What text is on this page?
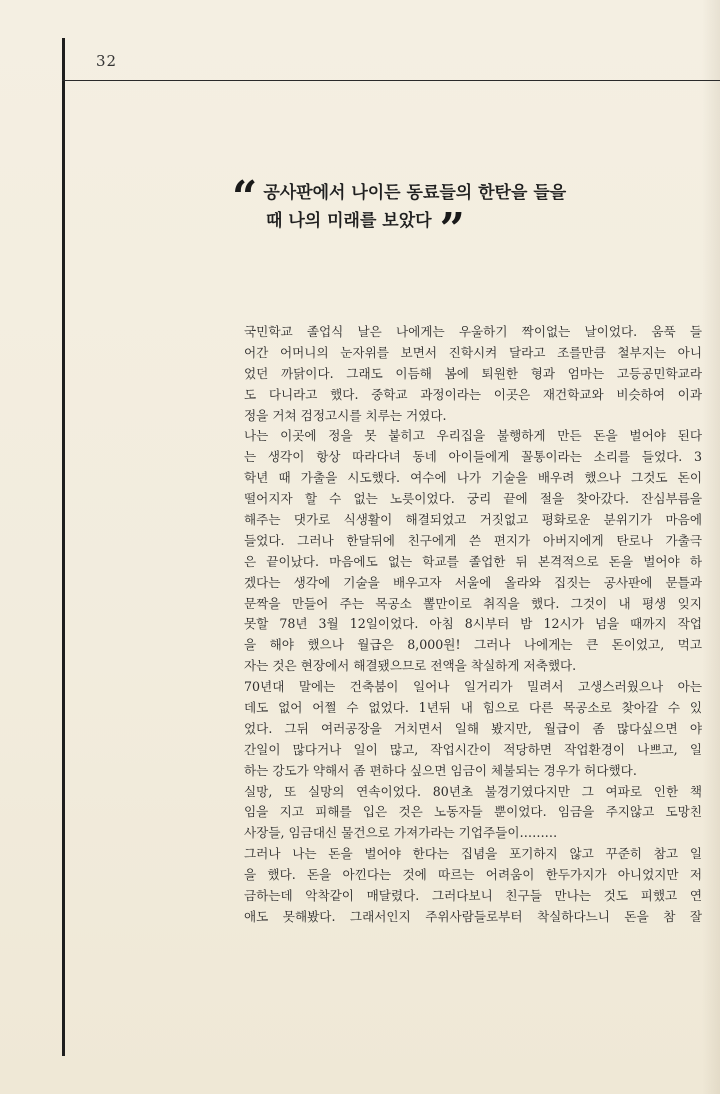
32
“ 공사판에서 나이든 동료들의 한탄을 들을
때 나의 미래를 보았다 ”
국민학교 졸업식 날은 나에게는 우울하기 짝이없는 날이었다. 움푹 들
어간 어머니의 눈자위를 보면서 진학시켜 달라고 조를만큼 철부지는 아니
었던 까닭이다. 그래도 이듬해 봄에 퇴원한 형과 엄마는 고등공민학교라
도 다니라고 했다. 중학교 과정이라는 이곳은 재건학교와 비슷하여 이과
정을 거쳐 검정고시를 치루는 거였다.
나는 이곳에 정을 못 붙히고 우리집을 불행하게 만든 돈을 벌어야 된다
는 생각이 항상 따라다녀 동네 아이들에게 꼴통이라는 소리를 들었다. 3
학년 때 가출을 시도했다. 여수에 나가 기술을 배우려 했으나 그것도 돈이
떨어지자 할 수 없는 노릇이었다. 궁리 끝에 절을 찾아갔다. 잔심부름을
해주는 댓가로 식생활이 해결되었고 거짓없고 평화로운 분위기가 마음에
들었다. 그러나 한달뒤에 친구에게 쓴 편지가 아버지에게 탄로나 가출극
은 끝이났다. 마음에도 없는 학교를 졸업한 뒤 본격적으로 돈을 벌어야 하
겠다는 생각에 기술을 배우고자 서울에 올라와 집짓는 공사판에 문틀과
문짝을 만들어 주는 목공소 뽈만이로 취직을 했다. 그것이 내 평생 잊지
못할 78년 3월 12일이었다. 아침 8시부터 밤 12시가 넘을 때까지 작업
을 해야 했으나 월급은 8,000원! 그러나 나에게는 큰 돈이었고, 먹고
자는 것은 현장에서 해결됐으므로 전액을 착실하게 저축했다.
70년대 말에는 건축붐이 일어나 일거리가 밀려서 고생스러웠으나 아는
데도 없어 어쩔 수 없었다. 1년뒤 내 힘으로 다른 목공소로 찾아갈 수 있
었다. 그뒤 여러공장을 거치면서 일해 봤지만, 월급이 좀 많다싶으면 야
간일이 많다거나 일이 많고, 작업시간이 적당하면 작업환경이 나쁘고, 일
하는 강도가 약해서 좀 편하다 싶으면 임금이 체불되는 경우가 허다했다.
실망, 또 실망의 연속이었다. 80년초 불경기였다지만 그 여파로 인한 책
임을 지고 피해를 입은 것은 노동자들 뿐이었다. 임금을 주지않고 도망친
사장들, 임금대신 물건으로 가져가라는 기업주들이………
그러나 나는 돈을 벌어야 한다는 집념을 포기하지 않고 꾸준히 참고 일
을 했다. 돈을 아낀다는 것에 따르는 어려움이 한두가지가 아니었지만 저
금하는데 악착같이 매달렸다. 그러다보니 친구들 만나는 것도 피했고 연
애도 못해봤다. 그래서인지 주위사람들로부터 착실하다느니 돈을 참 잘
